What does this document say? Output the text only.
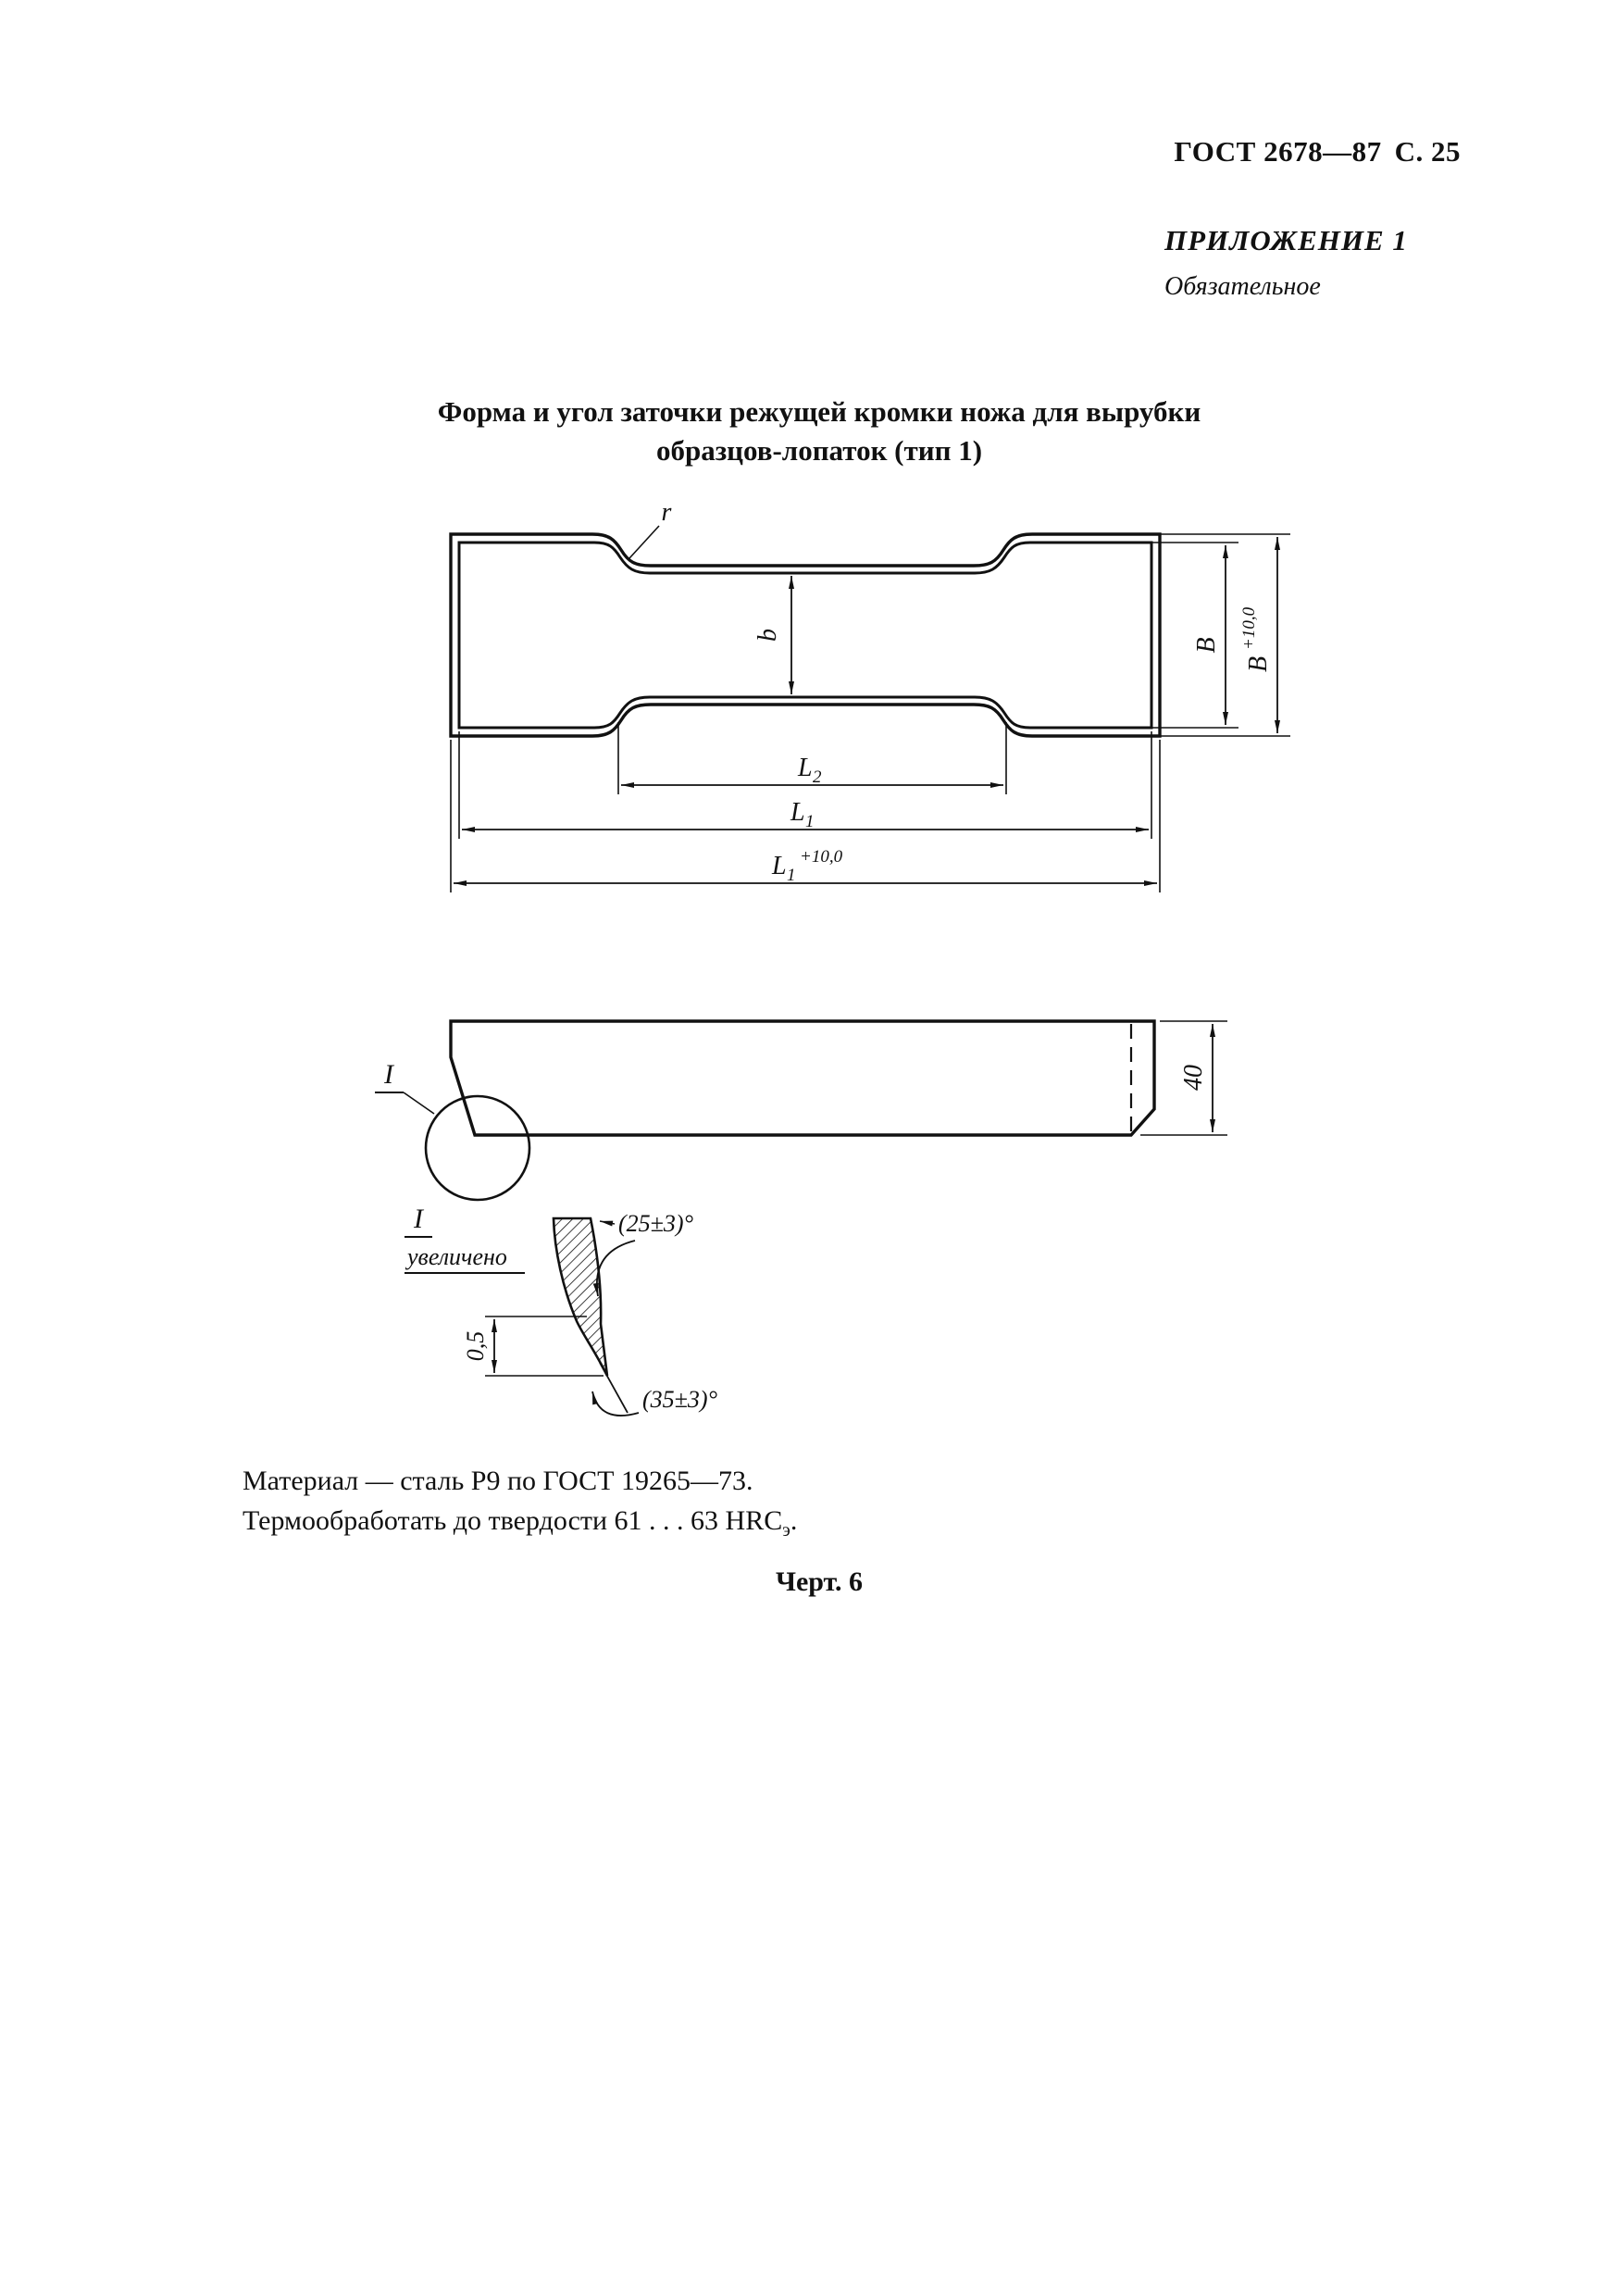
ГОСТ 2678—87 С. 25
ПРИЛОЖЕНИЕ 1
Обязательное
Форма и угол заточки режущей кромки ножа для вырубки
образцов-лопаток (тип 1)
r
b
B
B
+10,0
L 2
L 1
L 1
+10,0
40
I
I
увеличено
(25±3)°
0,5
(35±3)°
Материал — сталь Р9 по ГОСТ 19265—73.
Термообработать до твердости 61 . . . 63 $HRC_э$.
Черт. 6
